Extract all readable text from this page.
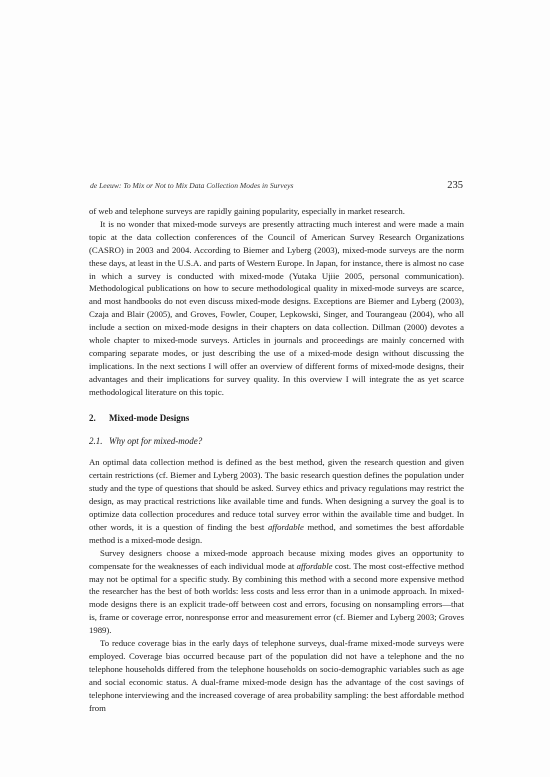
de Leeuw: To Mix or Not to Mix Data Collection Modes in Surveys	235

of web and telephone surveys are rapidly gaining popularity, especially in market research.

It is no wonder that mixed-mode surveys are presently attracting much interest and were made a main topic at the data collection conferences of the Council of American Survey Research Organizations (CASRO) in 2003 and 2004. According to Biemer and Lyberg (2003), mixed-mode surveys are the norm these days, at least in the U.S.A. and parts of Western Europe. In Japan, for instance, there is almost no case in which a survey is conducted with mixed-mode (Yutaka Ujiie 2005, personal communication). Methodological publications on how to secure methodological quality in mixed-mode surveys are scarce, and most handbooks do not even discuss mixed-mode designs. Exceptions are Biemer and Lyberg (2003), Czaja and Blair (2005), and Groves, Fowler, Couper, Lepkowski, Singer, and Tourangeau (2004), who all include a section on mixed-mode designs in their chapters on data collection. Dillman (2000) devotes a whole chapter to mixed-mode surveys. Articles in journals and proceedings are mainly concerned with comparing separate modes, or just describing the use of a mixed-mode design without discussing the implications. In the next sections I will offer an overview of different forms of mixed-mode designs, their advantages and their implications for survey quality. In this overview I will integrate the as yet scarce methodological literature on this topic.

2. Mixed-mode Designs
2.1. Why opt for mixed-mode?

An optimal data collection method is defined as the best method, given the research question and given certain restrictions (cf. Biemer and Lyberg 2003). The basic research question defines the population under study and the type of questions that should be asked. Survey ethics and privacy regulations may restrict the design, as may practical restrictions like available time and funds. When designing a survey the goal is to optimize data collection procedures and reduce total survey error within the available time and budget. In other words, it is a question of finding the best affordable method, and sometimes the best affordable method is a mixed-mode design.

Survey designers choose a mixed-mode approach because mixing modes gives an opportunity to compensate for the weaknesses of each individual mode at affordable cost. The most cost-effective method may not be optimal for a specific study. By combining this method with a second more expensive method the researcher has the best of both worlds: less costs and less error than in a unimode approach. In mixed-mode designs there is an explicit trade-off between cost and errors, focusing on nonsampling errors—that is, frame or coverage error, nonresponse error and measurement error (cf. Biemer and Lyberg 2003; Groves 1989).

To reduce coverage bias in the early days of telephone surveys, dual-frame mixed-mode surveys were employed. Coverage bias occurred because part of the population did not have a telephone and the no telephone households differed from the telephone households on socio-demographic variables such as age and social economic status. A dual-frame mixed-mode design has the advantage of the cost savings of telephone interviewing and the increased coverage of area probability sampling: the best affordable method from
